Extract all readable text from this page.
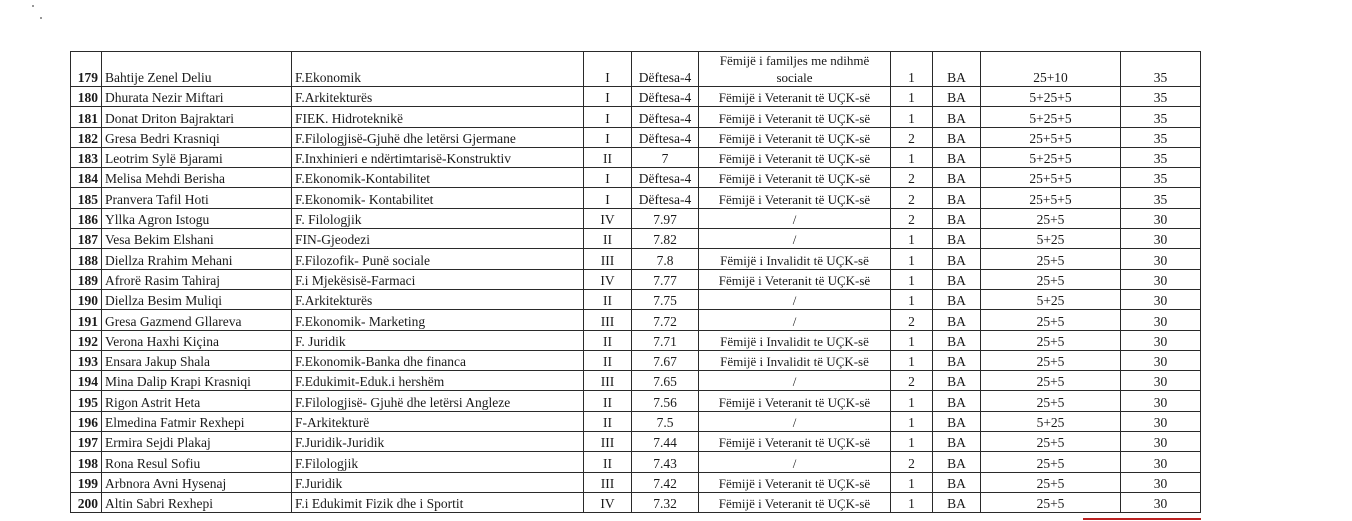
179	Bahtije Zenel Deliu	F.Ekonomik	I	Dëftesa-4	Fëmijë i familjes me ndihmë sociale	1	BA	25+10	35
180	Dhurata Nezir Miftari	F.Arkitekturës	I	Dëftesa-4	Fëmijë i Veteranit të UÇK-së	1	BA	5+25+5	35
181	Donat Driton Bajraktari	FIEK. Hidroteknikë	I	Dëftesa-4	Fëmijë i Veteranit të UÇK-së	1	BA	5+25+5	35
182	Gresa Bedri Krasniqi	F.Filologjisë-Gjuhë dhe letërsi Gjermane	I	Dëftesa-4	Fëmijë i Veteranit të UÇK-së	2	BA	25+5+5	35
183	Leotrim Sylë Bjarami	F.Inxhinieri e ndërtimtarisë-Konstruktiv	II	7	Fëmijë i Veteranit të UÇK-së	1	BA	5+25+5	35
184	Melisa Mehdi Berisha	F.Ekonomik-Kontabilitet	I	Dëftesa-4	Fëmijë i Veteranit të UÇK-së	2	BA	25+5+5	35
185	Pranvera Tafil Hoti	F.Ekonomik- Kontabilitet	I	Dëftesa-4	Fëmijë i Veteranit të UÇK-së	2	BA	25+5+5	35
186	Yllka Agron Istogu	F. Filologjik	IV	7.97	/	2	BA	25+5	30
187	Vesa Bekim Elshani	FIN-Gjeodezi	II	7.82	/	1	BA	5+25	30
188	Diellza Rrahim Mehani	F.Filozofik- Punë sociale	III	7.8	Fëmijë i Invalidit të UÇK-së	1	BA	25+5	30
189	Afrorë Rasim Tahiraj	F.i Mjekësisë-Farmaci	IV	7.77	Fëmijë i Veteranit të UÇK-së	1	BA	25+5	30
190	Diellza Besim Muliqi	F.Arkitekturës	II	7.75	/	1	BA	5+25	30
191	Gresa Gazmend Gllareva	F.Ekonomik- Marketing	III	7.72	/	2	BA	25+5	30
192	Verona Haxhi Kiçina	F. Juridik	II	7.71	Fëmijë i Invalidit te UÇK-së	1	BA	25+5	30
193	Ensara Jakup Shala	F.Ekonomik-Banka dhe financa	II	7.67	Fëmijë i Invalidit të UÇK-së	1	BA	25+5	30
194	Mina Dalip Krapi Krasniqi	F.Edukimit-Eduk.i hershëm	III	7.65	/	2	BA	25+5	30
195	Rigon Astrit Heta	F.Filologjisë- Gjuhë dhe letërsi Angleze	II	7.56	Fëmijë i Veteranit të UÇK-së	1	BA	25+5	30
196	Elmedina Fatmir Rexhepi	F-Arkitekturë	II	7.5	/	1	BA	5+25	30
197	Ermira Sejdi Plakaj	F.Juridik-Juridik	III	7.44	Fëmijë i Veteranit të UÇK-së	1	BA	25+5	30
198	Rona Resul Sofiu	F.Filologjik	II	7.43	/	2	BA	25+5	30
199	Arbnora Avni Hysenaj	F.Juridik	III	7.42	Fëmijë i Veteranit të UÇK-së	1	BA	25+5	30
200	Altin Sabri Rexhepi	F.i Edukimit Fizik dhe i Sportit	IV	7.32	Fëmijë i Veteranit të UÇK-së	1	BA	25+5	30
